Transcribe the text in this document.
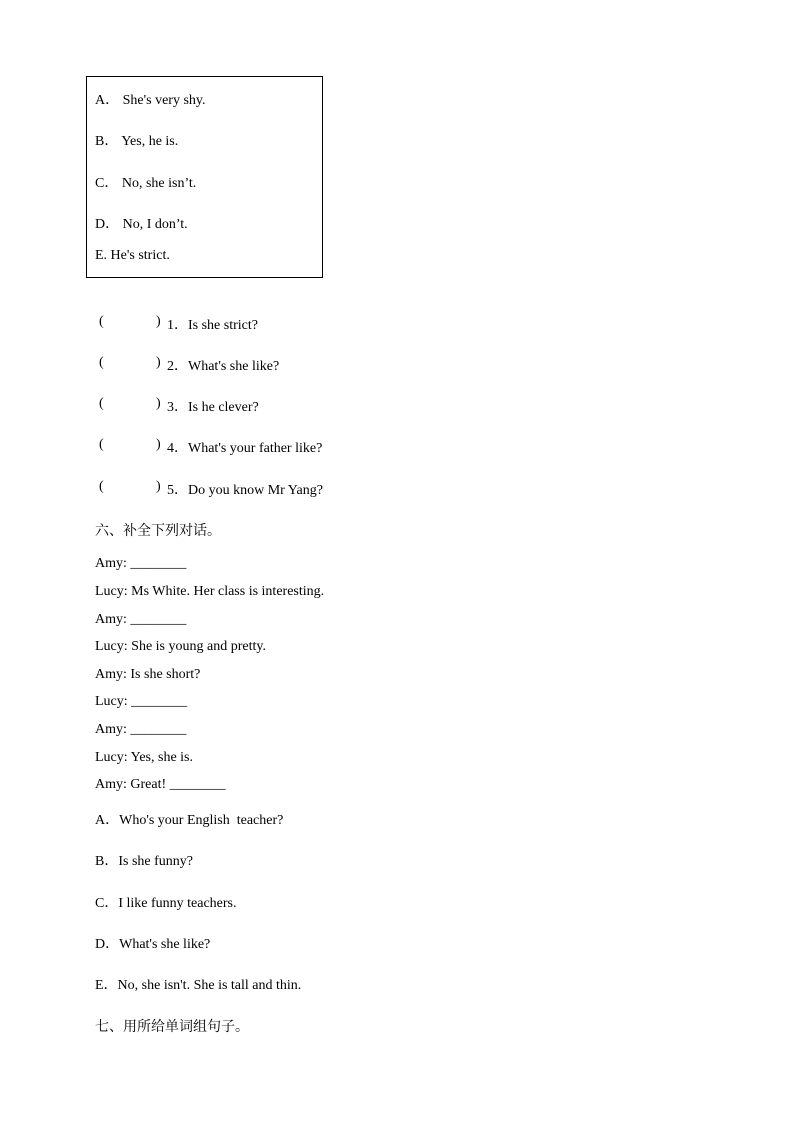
A． She's very shy.
B． Yes, he is.
C． No, she isn’t.
D． No, I don’t.
E. He's strict.
(	) 1．Is she strict?
(	) 2．What's she like?
(	) 3．Is he clever?
(	) 4．What's your father like?
(	) 5．Do you know Mr Yang?
六、补全下列对话。
Amy: ________
Lucy: Ms White. Her class is interesting.
Amy: ________
Lucy: She is young and pretty.
Amy: Is she short?
Lucy: ________
Amy: ________
Lucy: Yes, she is.
Amy: Great! ________
A．Who's your English  teacher?
B．Is she funny?
C．I like funny teachers.
D．What's she like?
E．No, she isn't. She is tall and thin.
七、用所给单词组句子。
